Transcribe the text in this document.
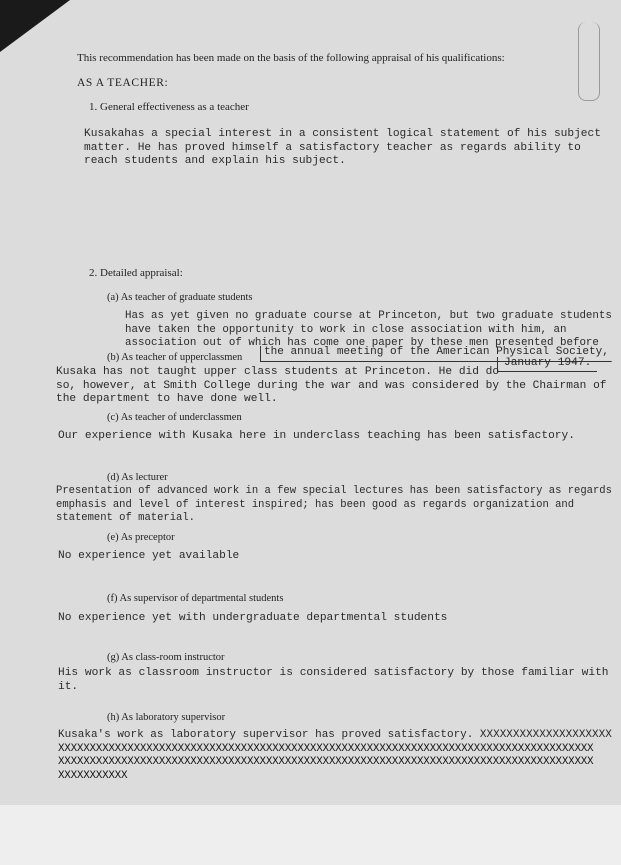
This recommendation has been made on the basis of the following appraisal of his qualifications:
AS A TEACHER:
1. General effectiveness as a teacher
Kusakahas a special interest in a consistent logical statement of his subject
matter. He has proved himself a satisfactory teacher as regards ability to
reach students and explain his subject.
2. Detailed appraisal:
(a) As teacher of graduate students
Has as yet given no graduate course at Princeton, but two graduate students
have taken the opportunity to work in close association with him, an
association out of which has come one paper by these men presented before
(b) As teacher of upperclassmen	the annual meeting of the American Physical Society,
January 1947.
Kusaka has not taught upper class students at Princeton. He did do
so, however, at Smith College during the war and was considered by the Chairman of
the department to have done well.
(c) As teacher of underclassmen
Our experience with Kusaka here in underclass teaching has been satisfactory.
(d) As lecturer
Presentation of advanced work in a few special lectures has been satisfactory as regards
emphasis and level of interest inspired; has been good as regards organization and
statement of material.
(e) As preceptor
No experience yet available
(f) As supervisor of departmental students
No experience yet with undergraduate departmental students
(g) As class-room instructor
His work as classroom instructor is considered satisfactory by those familiar with
it.
(h) As laboratory supervisor
Kusaka's work as laboratory supervisor has proved satisfactory. XXXXXXXXXXXXXXXXXXXX
XXXXXXXXXXXXXXXXXXXXXXXXXXXXXXXXXXXXXXXXXXXXXXXXXXXXXXXXXXXXXXXXXXXXXXXXXXXXXXXXXXXXX
XXXXXXXXXXXXXXXXXXXXXXXXXXXXXXXXXXXXXXXXXXXXXXXXXXXXXXXXXXXXXXXXXXXXXXXXXXXXXXXXXXXXX
XXXXXXXXXXX
